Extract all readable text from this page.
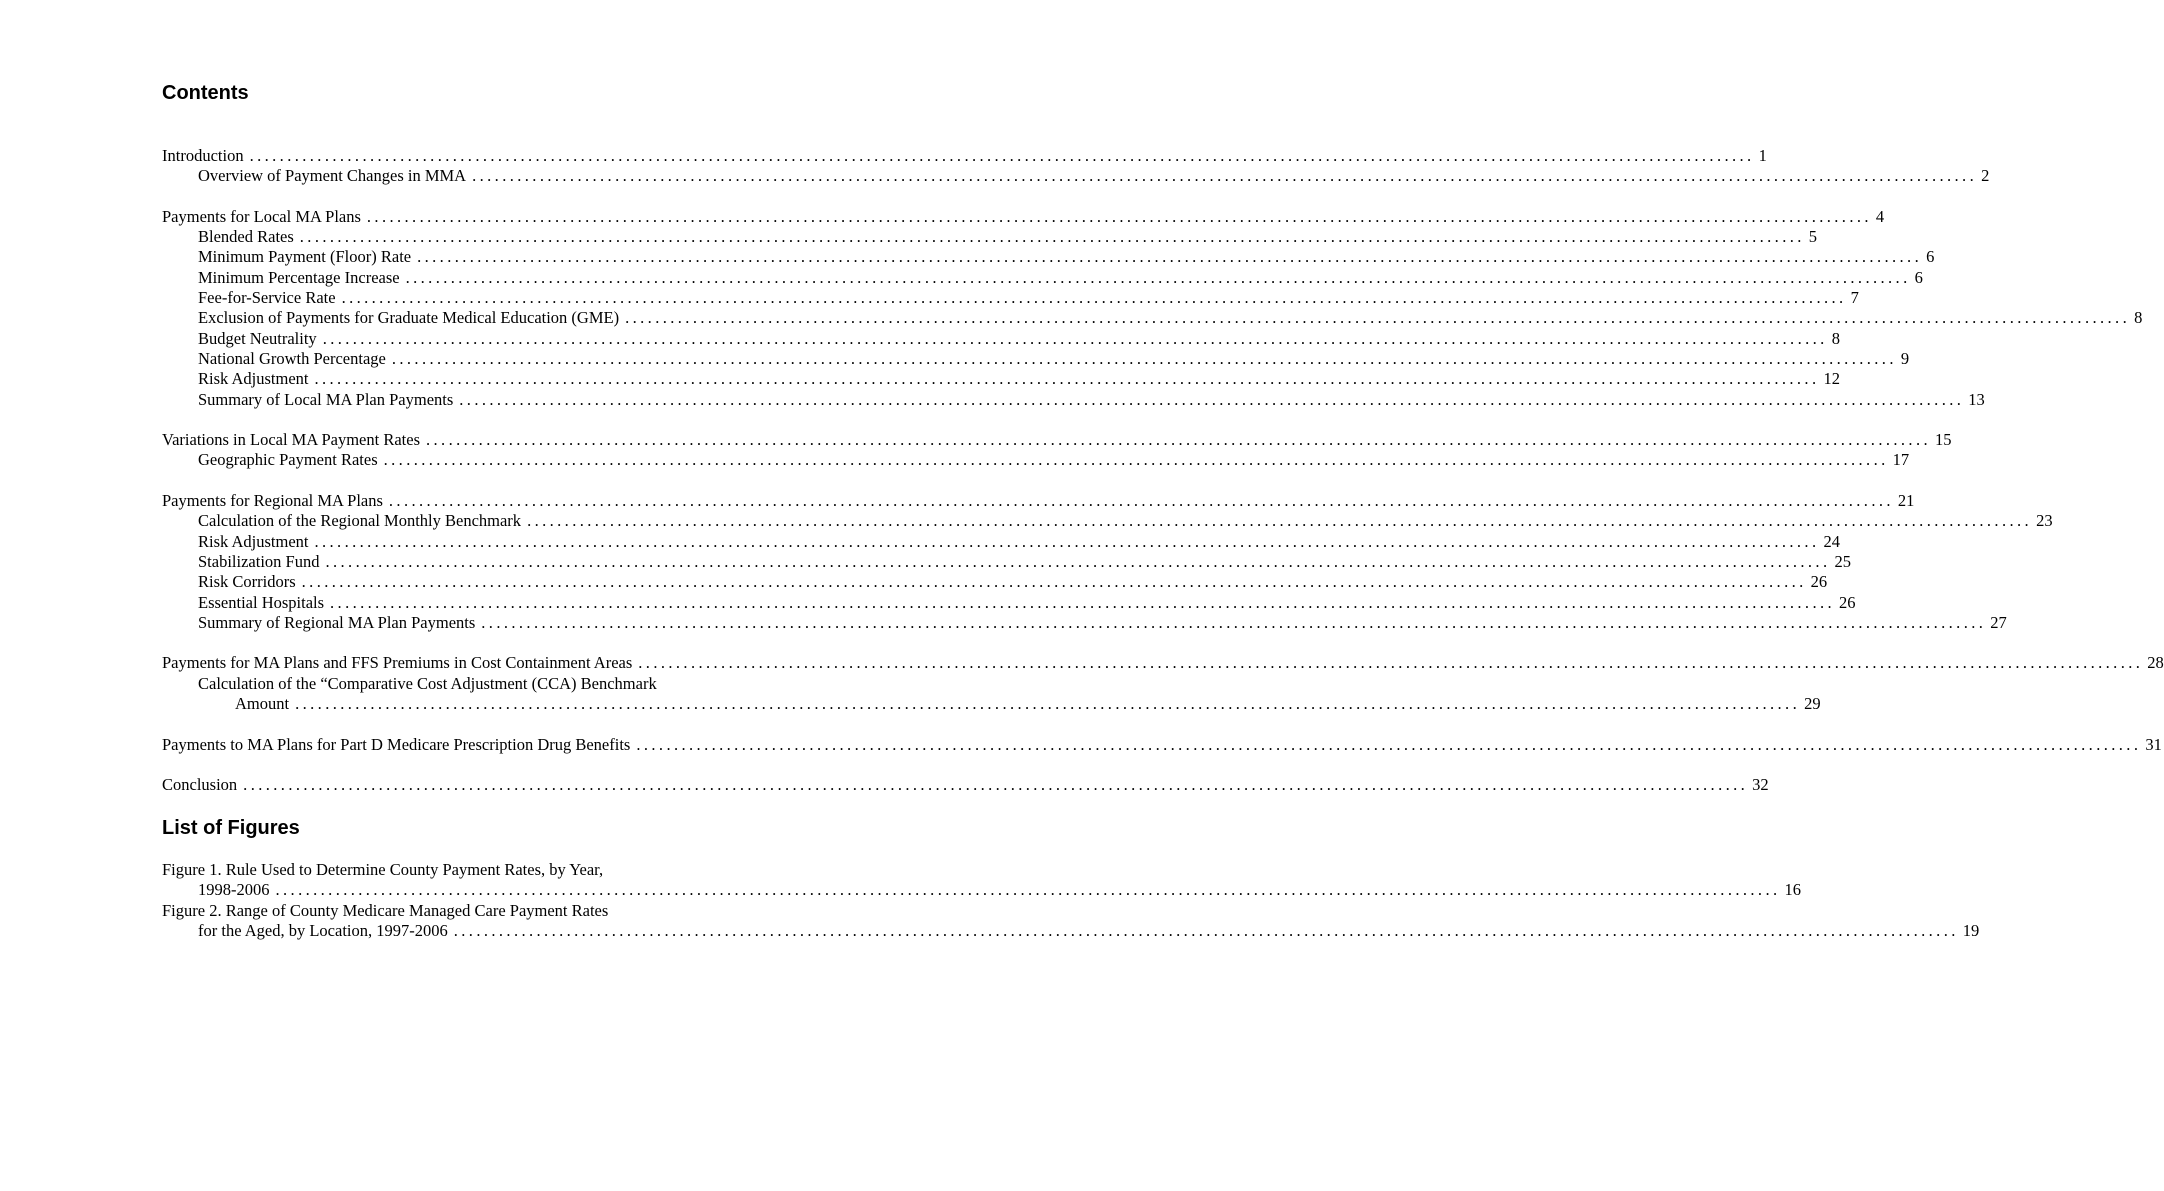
Contents
Introduction ........................................................................................................................................................................................................ 1
Overview of Payment Changes in MMA ........................................................................................................................................................................................................ 2
Payments for Local MA Plans ........................................................................................................................................................................................................ 4
Blended Rates ........................................................................................................................................................................................................ 5
Minimum Payment (Floor) Rate ........................................................................................................................................................................................................ 6
Minimum Percentage Increase ........................................................................................................................................................................................................ 6
Fee-for-Service Rate ........................................................................................................................................................................................................ 7
Exclusion of Payments for Graduate Medical Education (GME) ........................................................................................................................................................................................................ 8
Budget Neutrality ........................................................................................................................................................................................................ 8
National Growth Percentage ........................................................................................................................................................................................................ 9
Risk Adjustment ........................................................................................................................................................................................................ 12
Summary of Local MA Plan Payments ........................................................................................................................................................................................................ 13
Variations in Local MA Payment Rates ........................................................................................................................................................................................................ 15
Geographic Payment Rates ........................................................................................................................................................................................................ 17
Payments for Regional MA Plans ........................................................................................................................................................................................................ 21
Calculation of the Regional Monthly Benchmark ........................................................................................................................................................................................................ 23
Risk Adjustment ........................................................................................................................................................................................................ 24
Stabilization Fund ........................................................................................................................................................................................................ 25
Risk Corridors ........................................................................................................................................................................................................ 26
Essential Hospitals ........................................................................................................................................................................................................ 26
Summary of Regional MA Plan Payments ........................................................................................................................................................................................................ 27
Payments for MA Plans and FFS Premiums in Cost Containment Areas ........................................................................................................................................................................................................ 28
Calculation of the “Comparative Cost Adjustment (CCA) Benchmark
Amount ........................................................................................................................................................................................................ 29
Payments to MA Plans for Part D Medicare Prescription Drug Benefits ........................................................................................................................................................................................................ 31
Conclusion ........................................................................................................................................................................................................ 32
List of Figures
Figure 1. Rule Used to Determine County Payment Rates, by Year,
1998-2006 ........................................................................................................................................................................................................ 16
Figure 2. Range of County Medicare Managed Care Payment Rates
for the Aged, by Location, 1997-2006 ........................................................................................................................................................................................................ 19
